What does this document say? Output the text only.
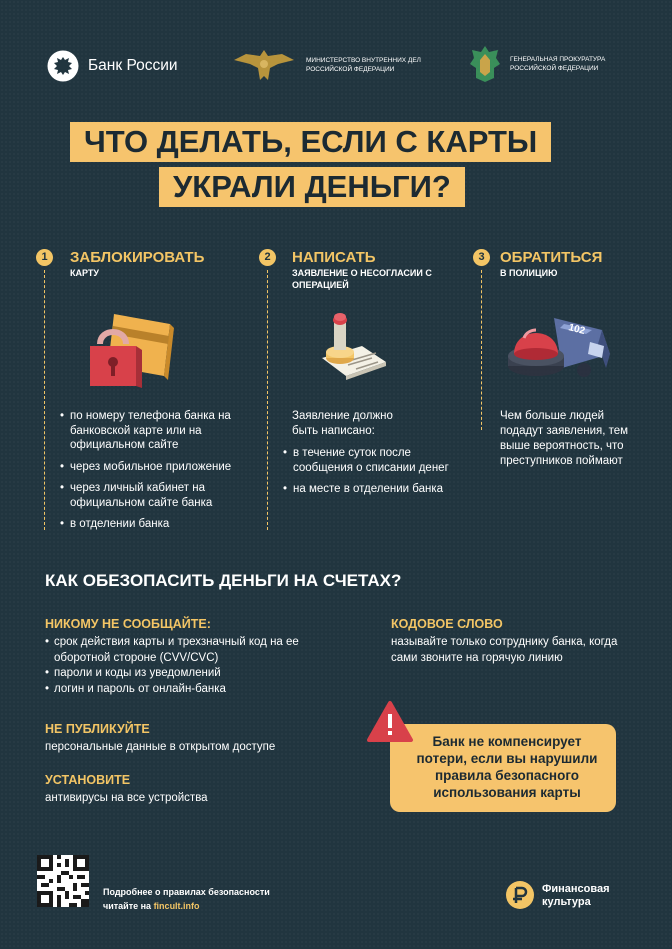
Банк России	МИНИСТЕРСТВО ВНУТРЕННИХ ДЕЛ РОССИЙСКОЙ ФЕДЕРАЦИИ
ГЕНЕРАЛЬНАЯ ПРОКУРАТУРА РОССИЙСКОЙ ФЕДЕРАЦИИ
ЧТО ДЕЛАТЬ, ЕСЛИ С КАРТЫ
УКРАЛИ ДЕНЬГИ?
1	ЗАБЛОКИРОВАТЬ
КАРТУ
• по номеру телефона банка на банковской карте или на официальном сайте
• через мобильное приложение
• через личный кабинет на официальном сайте банка
• в отделении банка
2	НАПИСАТЬ
ЗАЯВЛЕНИЕ О НЕСОГЛАСИИ С ОПЕРАЦИЕЙ
Заявление должно быть написано:
• в течение суток после сообщения о списании денег
• на месте в отделении банка
3	ОБРАТИТЬСЯ
В ПОЛИЦИЮ
102
Чем больше людей подадут заявления, тем выше вероятность, что преступников поймают
КАК ОБЕЗОПАСИТЬ ДЕНЬГИ НА СЧЕТАХ?
НИКОМУ НЕ СООБЩАЙТЕ:
• срок действия карты и трехзначный код на ее оборотной стороне (CVV/CVC)
• пароли и коды из уведомлений
• логин и пароль от онлайн-банка
КОДОВОЕ СЛОВО
называйте только сотруднику банка, когда сами звоните на горячую линию
НЕ ПУБЛИКУЙТЕ
персональные данные в открытом доступе
УСТАНОВИТЕ
антивирусы на все устройства
Банк не компенсирует потери, если вы нарушили правила безопасного использования карты
Подробнее о правилах безопасности
читайте на fincult.info
Финансовая
культура
